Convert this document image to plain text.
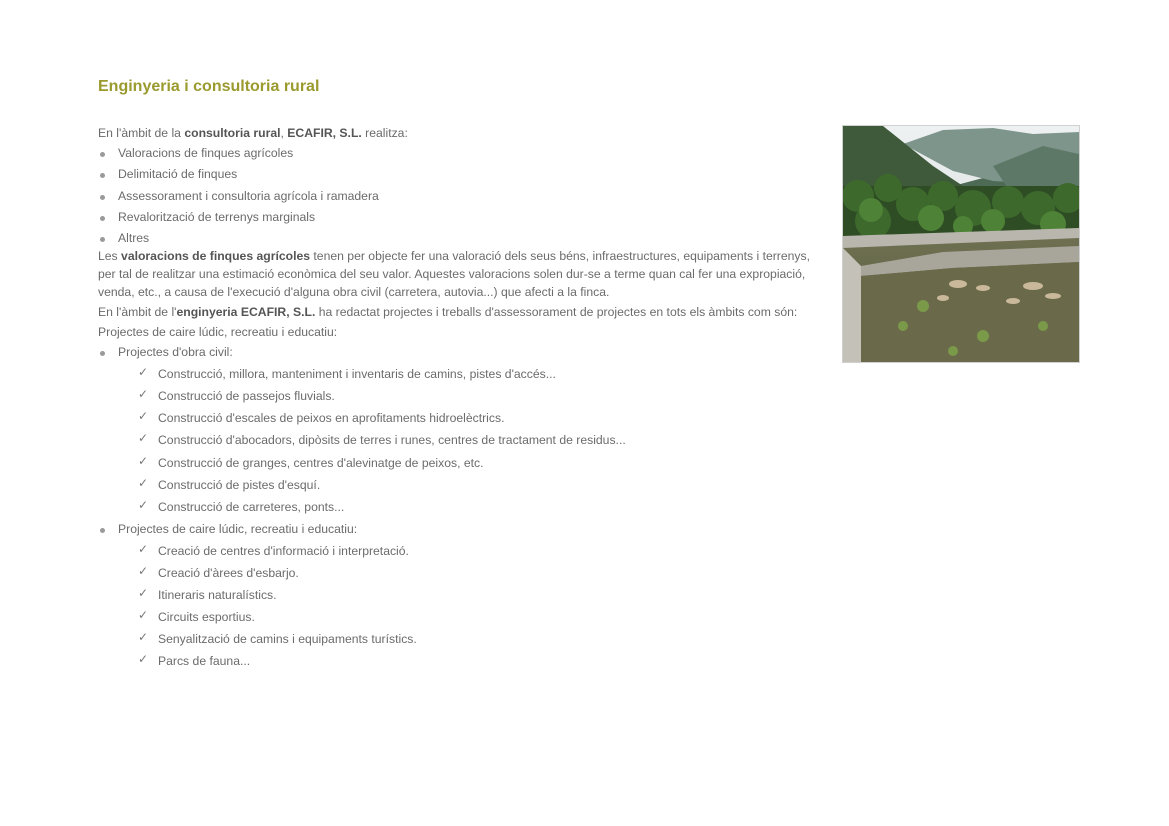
Enginyeria i consultoria rural

En l'àmbit de la consultoria rural, ECAFIR, S.L. realitza:

Valoracions de finques agrícoles
Delimitació de finques
Assessorament i consultoria agrícola i ramadera
Revalorització de terrenys marginals
Altres

Les valoracions de finques agrícoles tenen per objecte fer una valoració dels seus béns, infraestructures, equipaments i terrenys, per tal de realitzar una estimació econòmica del seu valor. Aquestes valoracions solen dur-se a terme quan cal fer una expropiació, venda, etc., a causa de l'execució d'alguna obra civil (carretera, autovia...) que afecti a la finca.

En l'àmbit de l'enginyeria ECAFIR, S.L. ha redactat projectes i treballs d'assessorament de projectes en tots els àmbits com són:

Projectes de caire lúdic, recreatiu i educatiu:

Projectes d'obra civil:
✓ Construcció, millora, manteniment i inventaris de camins, pistes d'accés...
✓ Construcció de passejos fluvials.
✓ Construcció d'escales de peixos en aprofitaments hidroelèctrics.
✓ Construcció d'abocadors, dipòsits de terres i runes, centres de tractament de residus...
✓ Construcció de granges, centres d'alevinatge de peixos, etc.
✓ Construcció de pistes d'esquí.
✓ Construcció de carreteres, ponts...
Projectes de caire lúdic, recreatiu i educatiu:
✓ Creació de centres d'informació i interpretació.
✓ Creació d'àrees d'esbarjo.
✓ Itineraris naturalístics.
✓ Circuits esportius.
✓ Senyalització de camins i equipaments turístics.
✓ Parcs de fauna...
